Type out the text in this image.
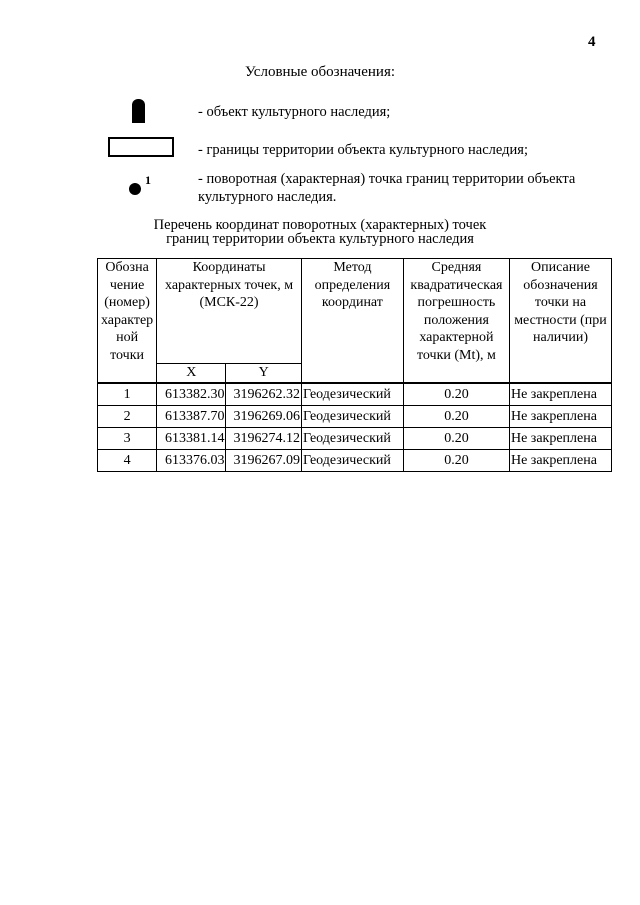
4
Условные обозначения:
- объект культурного наследия;
- границы территории объекта культурного наследия;
1	- поворотная (характерная) точка границ территории объекта культурного наследия.
Перечень координат поворотных (характерных) точек
границ территории объекта культурного наследия
Обозна чение (номер) характер ной точки	Координаты характерных точек, м (МСК-22)		Метод определения координат	Средняя квадратическая погрешность положения характерной точки (Mt), м	Описание обозначения точки на местности (при наличии)
	X	Y			
1	613382.30	3196262.32	Геодезический	0.20	Не закреплена
2	613387.70	3196269.06	Геодезический	0.20	Не закреплена
3	613381.14	3196274.12	Геодезический	0.20	Не закреплена
4	613376.03	3196267.09	Геодезический	0.20	Не закреплена
